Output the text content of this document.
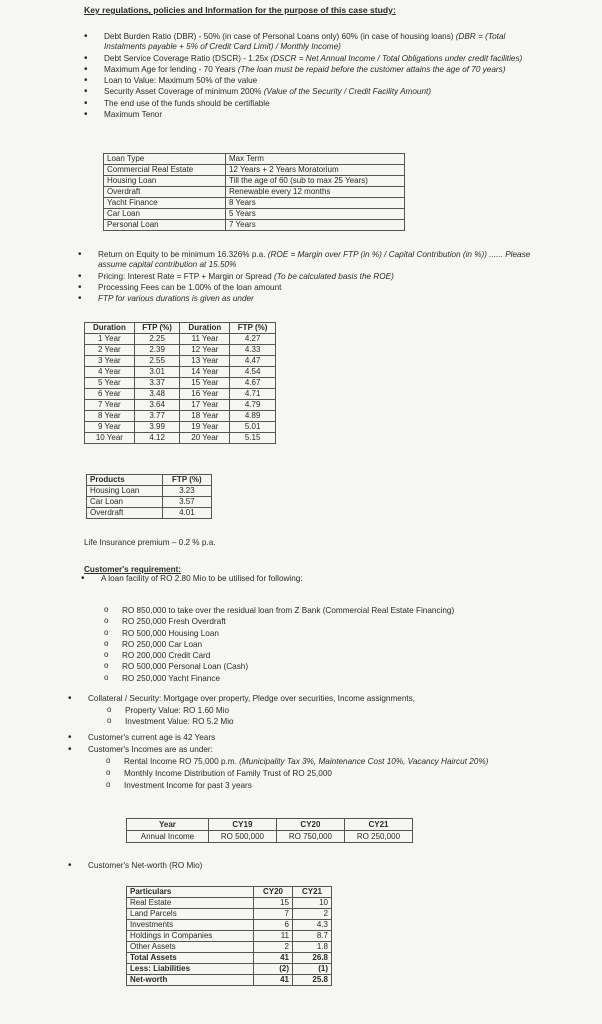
Key regulations, policies and Information for the purpose of this case study:
• Debt Burden Ratio (DBR) - 50% (in case of Personal Loans only) 60% (in case of housing loans) (DBR = (Total Instalments payable + 5% of Credit Card Limit) / Monthly Income)
• Debt Service Coverage Ratio (DSCR) - 1.25x (DSCR = Net Annual Income / Total Obligations under credit facilities)
• Maximum Age for lending - 70 Years (The loan must be repaid before the customer attains the age of 70 years)
• Loan to Value: Maximum 50% of the value
• Security Asset Coverage of minimum 200% (Value of the Security / Credit Facility Amount)
• The end use of the funds should be certifiable
• Maximum Tenor
Loan Type	Max Term
Commercial Real Estate	12 Years + 2 Years Moratorium
Housing Loan	Till the age of 60 (sub to max 25 Years)
Overdraft	Renewable every 12 months
Yacht Finance	8 Years
Car Loan	5 Years
Personal Loan	7 Years
• Return on Equity to be minimum 16.326% p.a. (ROE = Margin over FTP (in %) / Capital Contribution (in %)) ...... Please assume capital contribution at 15.50%
• Pricing: Interest Rate = FTP + Margin or Spread (To be calculated basis the ROE)
• Processing Fees can be 1.00% of the loan amount
• FTP for various durations is given as under
Duration	FTP (%)	Duration	FTP (%)
1 Year	2.25	11 Year	4.27
2 Year	2.39	12 Year	4.33
3 Year	2.55	13 Year	4.47
4 Year	3.01	14 Year	4.54
5 Year	3.37	15 Year	4.67
6 Year	3.48	16 Year	4.71
7 Year	3.64	17 Year	4.79
8 Year	3.77	18 Year	4.89
9 Year	3.99	19 Year	5.01
10 Year	4.12	20 Year	5.15
Products	FTP (%)
Housing Loan	3.23
Car Loan	3.57
Overdraft	4.01
Life Insurance premium – 0.2 % p.a.
Customer's requirement:
• A loan facility of RO 2.80 Mio to be utilised for following:
o RO 850,000 to take over the residual loan from Z Bank (Commercial Real Estate Financing)
o RO 250,000 Fresh Overdraft
o RO 500,000 Housing Loan
o RO 250,000 Car Loan
o RO 200,000 Credit Card
o RO 500,000 Personal Loan (Cash)
o RO 250,000 Yacht Finance
• Collateral / Security: Mortgage over property, Pledge over securities, Income assignments,
o Property Value: RO 1.60 Mio
o Investment Value: RO 5.2 Mio
• Customer's current age is 42 Years
• Customer's Incomes are as under:
o Rental Income RO 75,000 p.m. (Municipality Tax 3%, Maintenance Cost 10%, Vacancy Haircut 20%)
o Monthly Income Distribution of Family Trust of RO 25,000
o Investment Income for past 3 years
Year	CY19	CY20	CY21
Annual Income	RO 500,000	RO 750,000	RO 250,000
• Customer's Net-worth (RO Mio)
Particulars	CY20	CY21
Real Estate	15	10
Land Parcels	7	2
Investments	6	4.3
Holdings in Companies	11	8.7
Other Assets	2	1.8
Total Assets	41	26.8
Less: Liabilities	(2)	(1)
Net-worth	41	25.8
